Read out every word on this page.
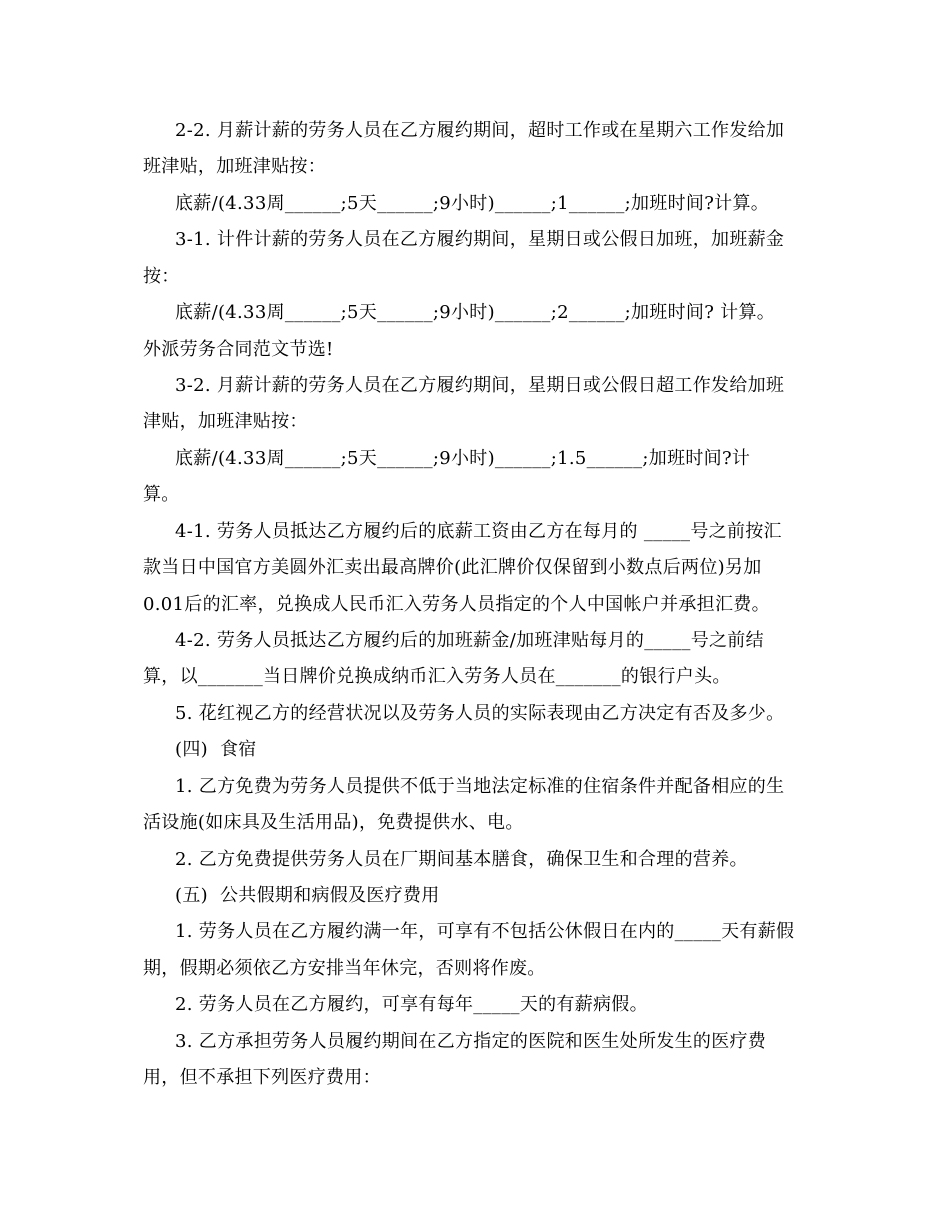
2-2. 月薪计薪的劳务人员在乙方履约期间，超时工作或在星期六工作发给加
班津贴，加班津贴按：
底薪/(4.33周______;5天______;9小时)______;1______;加班时间?计算。
3-1. 计件计薪的劳务人员在乙方履约期间，星期日或公假日加班，加班薪金
按：
底薪/(4.33周______;5天______;9小时)______;2______;加班时间? 计算。
外派劳务合同范文节选!
3-2. 月薪计薪的劳务人员在乙方履约期间，星期日或公假日超工作发给加班
津贴，加班津贴按：
底薪/(4.33周______;5天______;9小时)______;1.5______;加班时间?计
算。
4-1. 劳务人员抵达乙方履约后的底薪工资由乙方在每月的 _____号之前按汇
款当日中国官方美圆外汇卖出最高牌价(此汇牌价仅保留到小数点后两位)另加
0.01后的汇率，兑换成人民币汇入劳务人员指定的个人中国帐户并承担汇费。
4-2. 劳务人员抵达乙方履约后的加班薪金/加班津贴每月的_____号之前结
算，以_______当日牌价兑换成纳币汇入劳务人员在_______的银行户头。
5. 花红视乙方的经营状况以及劳务人员的实际表现由乙方决定有否及多少。
(四)  食宿
1. 乙方免费为劳务人员提供不低于当地法定标准的住宿条件并配备相应的生
活设施(如床具及生活用品)，免费提供水、电。
2. 乙方免费提供劳务人员在厂期间基本膳食，确保卫生和合理的营养。
(五)  公共假期和病假及医疗费用
1. 劳务人员在乙方履约满一年，可享有不包括公休假日在内的_____天有薪假
期，假期必须依乙方安排当年休完，否则将作废。
2. 劳务人员在乙方履约，可享有每年_____天的有薪病假。
3. 乙方承担劳务人员履约期间在乙方指定的医院和医生处所发生的医疗费
用，但不承担下列医疗费用：
